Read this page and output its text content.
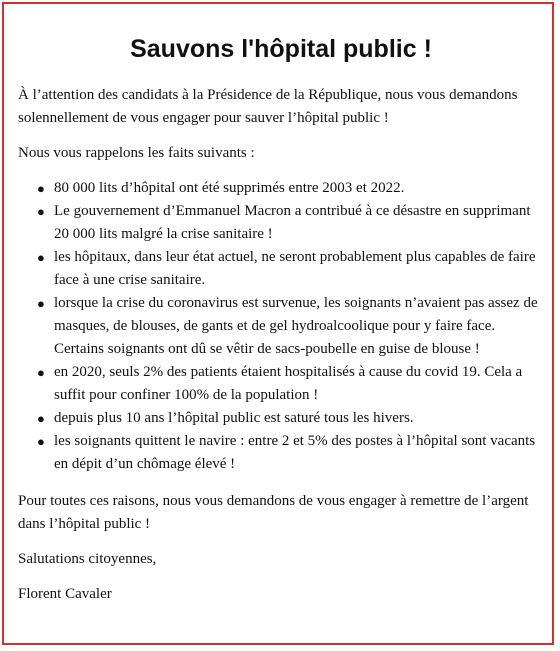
Sauvons l'hôpital public !

À l’attention des candidats à la Présidence de la République, nous vous demandons solennellement de vous engager pour sauver l’hôpital public !

Nous vous rappelons les faits suivants :

● 80 000 lits d’hôpital ont été supprimés entre 2003 et 2022.
● Le gouvernement d’Emmanuel Macron a contribué à ce désastre en supprimant 20 000 lits malgré la crise sanitaire !
● les hôpitaux, dans leur état actuel, ne seront probablement plus capables de faire face à une crise sanitaire.
● lorsque la crise du coronavirus est survenue, les soignants n’avaient pas assez de masques, de blouses, de gants et de gel hydroalcoolique pour y faire face. Certains soignants ont dû se vêtir de sacs-poubelle en guise de blouse !
● en 2020, seuls 2% des patients étaient hospitalisés à cause du covid 19. Cela a suffit pour confiner 100% de la population !
● depuis plus 10 ans l’hôpital public est saturé tous les hivers.
● les soignants quittent le navire : entre 2 et 5% des postes à l’hôpital sont vacants en dépit d’un chômage élevé !

Pour toutes ces raisons, nous vous demandons de vous engager à remettre de l’argent dans l’hôpital public !

Salutations citoyennes,

Florent Cavaler
